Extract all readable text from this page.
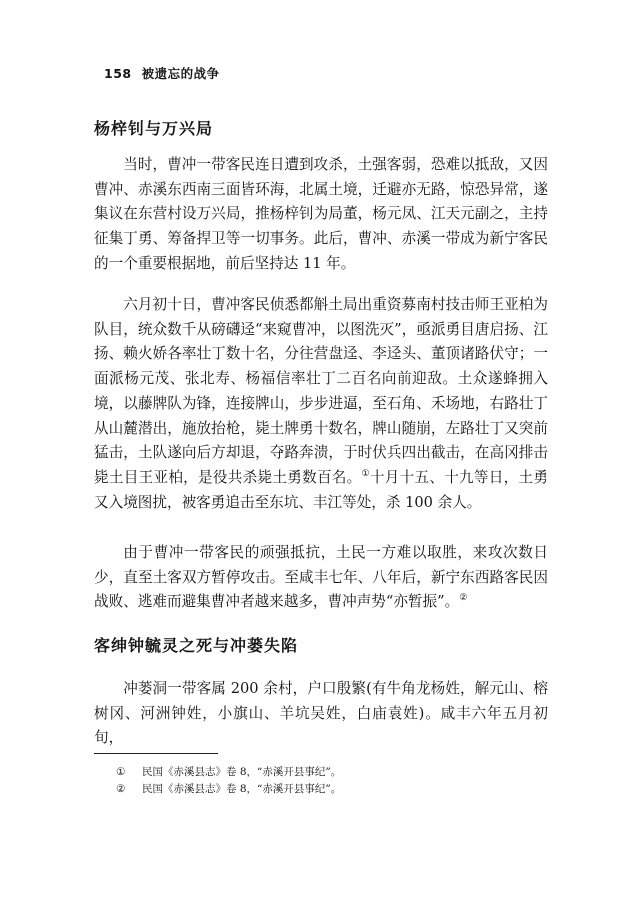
158 被遗忘的战争
杨梓钊与万兴局

当时，曹冲一带客民连日遭到攻杀，土强客弱，恐难以抵敌，又因曹冲、赤溪东西南三面皆环海，北属土境，迁避亦无路，惊恐异常，遂集议在东营村设万兴局，推杨梓钊为局董，杨元凤、江天元副之，主持征集丁勇、筹备捍卫等一切事务。此后，曹冲、赤溪一带成为新宁客民的一个重要根据地，前后坚持达 11 年。

六月初十日，曹冲客民侦悉都斛土局出重资募南村技击师王亚柏为队目，统众数千从磅礴迳“来窥曹冲，以图洗灭”，亟派勇目唐启扬、江扬、赖火娇各率壮丁数十名，分往营盘迳、李迳头、董顶诸路伏守；一面派杨元茂、张北寿、杨福信率壮丁二百名向前迎敌。土众遂蜂拥入境，以藤牌队为锋，连接牌山，步步进逼，至石角、禾场地，右路壮丁从山麓潜出，施放抬枪，毙土牌勇十数名，牌山随崩，左路壮丁又突前猛击，土队遂向后方却退，夺路奔溃，于时伏兵四出截击，在高冈排击毙土目王亚柏，是役共杀毙土勇数百名。①十月十五、十九等日，土勇又入境图扰，被客勇追击至东坑、丰江等处，杀 100 余人。

由于曹冲一带客民的顽强抵抗，土民一方难以取胜，来攻次数日少，直至土客双方暂停攻击。至咸丰七年、八年后，新宁东西路客民因战败、逃难而避集曹冲者越来越多，曹冲声势“亦暂振”。②

客绅钟毓灵之死与冲蒌失陷

冲蒌洞一带客属 200 余村，户口殷繁(有牛角龙杨姓，解元山、榕树冈、河洲钟姓，小旗山、羊坑吴姓，白庙袁姓)。咸丰六年五月初旬，

① 民国《赤溪县志》卷 8，“赤溪开县事纪”。
② 民国《赤溪县志》卷 8，“赤溪开县事纪”。
